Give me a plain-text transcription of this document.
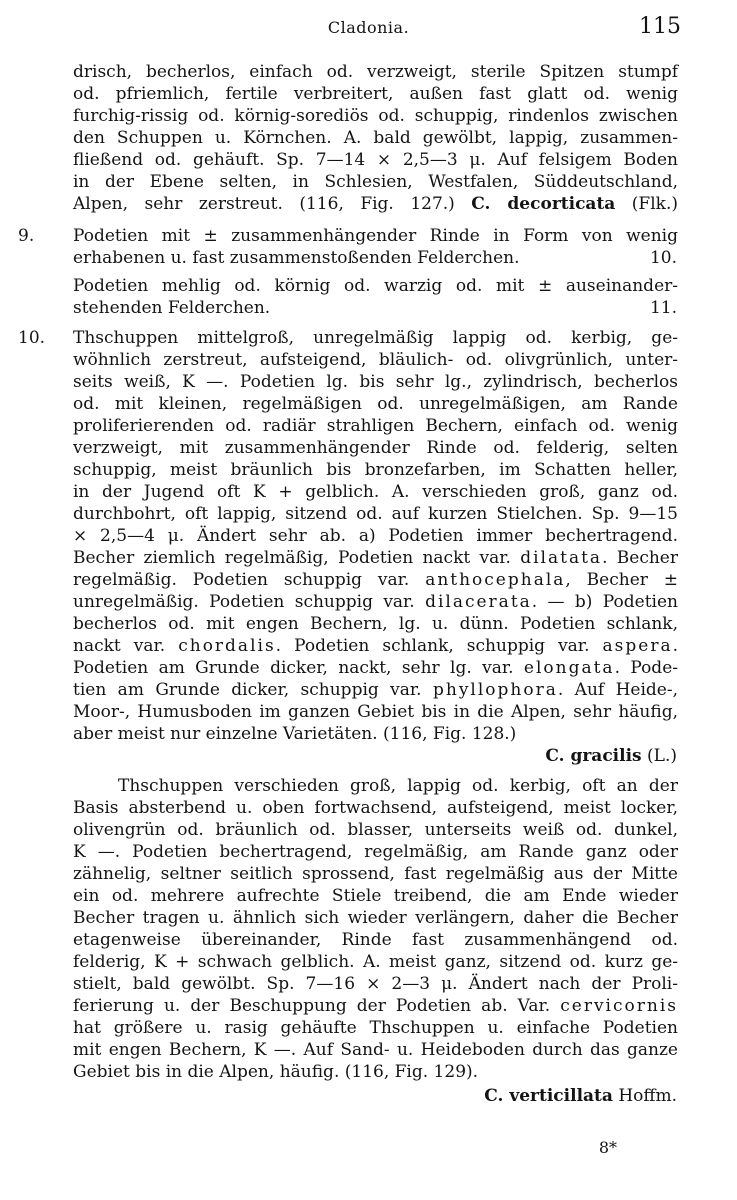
Cladonia.	115
drisch, becherlos, einfach od. verzweigt, sterile Spitzen stumpf
od. pfriemlich, fertile verbreitert, außen fast glatt od. wenig
furchig-rissig od. körnig-sorediös od. schuppig, rindenlos zwischen
den Schuppen u. Körnchen. A. bald gewölbt, lappig, zusammen-
fließend od. gehäuft. Sp. 7—14 × 2,5—3 μ. Auf felsigem Boden
in der Ebene selten, in Schlesien, Westfalen, Süddeutschland,
Alpen, sehr zerstreut. (116, Fig. 127.) C. decorticata (Flk.)
9. Podetien mit ± zusammenhängender Rinde in Form von wenig
erhabenen u. fast zusammenstoßenden Felderchen.	10.
Podetien mehlig od. körnig od. warzig od. mit ± auseinander-
stehenden Felderchen.	11.
10. Thschuppen mittelgroß, unregelmäßig lappig od. kerbig, ge-
wöhnlich zerstreut, aufsteigend, bläulich- od. olivgrünlich, unter-
seits weiß, K —. Podetien lg. bis sehr lg., zylindrisch, becherlos
od. mit kleinen, regelmäßigen od. unregelmäßigen, am Rande
proliferierenden od. radiär strahligen Bechern, einfach od. wenig
verzweigt, mit zusammenhängender Rinde od. felderig, selten
schuppig, meist bräunlich bis bronzefarben, im Schatten heller,
in der Jugend oft K + gelblich. A. verschieden groß, ganz od.
durchbohrt, oft lappig, sitzend od. auf kurzen Stielchen. Sp. 9—15
× 2,5—4 μ. Ändert sehr ab. a) Podetien immer bechertragend.
Becher ziemlich regelmäßig, Podetien nackt var. dilatata. Becher
regelmäßig. Podetien schuppig var. anthocephala, Becher ±
unregelmäßig. Podetien schuppig var. dilacerata. — b) Podetien
becherlos od. mit engen Bechern, lg. u. dünn. Podetien schlank,
nackt var. chordalis. Podetien schlank, schuppig var. aspera.
Podetien am Grunde dicker, nackt, sehr lg. var. elongata. Pode-
tien am Grunde dicker, schuppig var. phyllophora. Auf Heide-,
Moor-, Humusboden im ganzen Gebiet bis in die Alpen, sehr häufig,
aber meist nur einzelne Varietäten. (116, Fig. 128.)
C. gracilis (L.)
Thschuppen verschieden groß, lappig od. kerbig, oft an der
Basis absterbend u. oben fortwachsend, aufsteigend, meist locker,
olivengrün od. bräunlich od. blasser, unterseits weiß od. dunkel,
K —. Podetien bechertragend, regelmäßig, am Rande ganz oder
zähnelig, seltner seitlich sprossend, fast regelmäßig aus der Mitte
ein od. mehrere aufrechte Stiele treibend, die am Ende wieder
Becher tragen u. ähnlich sich wieder verlängern, daher die Becher
etagenweise übereinander, Rinde fast zusammenhängend od.
felderig, K + schwach gelblich. A. meist ganz, sitzend od. kurz ge-
stielt, bald gewölbt. Sp. 7—16 × 2—3 μ. Ändert nach der Proli-
ferierung u. der Beschuppung der Podetien ab. Var. cervicornis
hat größere u. rasig gehäufte Thschuppen u. einfache Podetien
mit engen Bechern, K —. Auf Sand- u. Heideboden durch das ganze
Gebiet bis in die Alpen, häufig. (116, Fig. 129).
C. verticillata Hoffm.
8*
